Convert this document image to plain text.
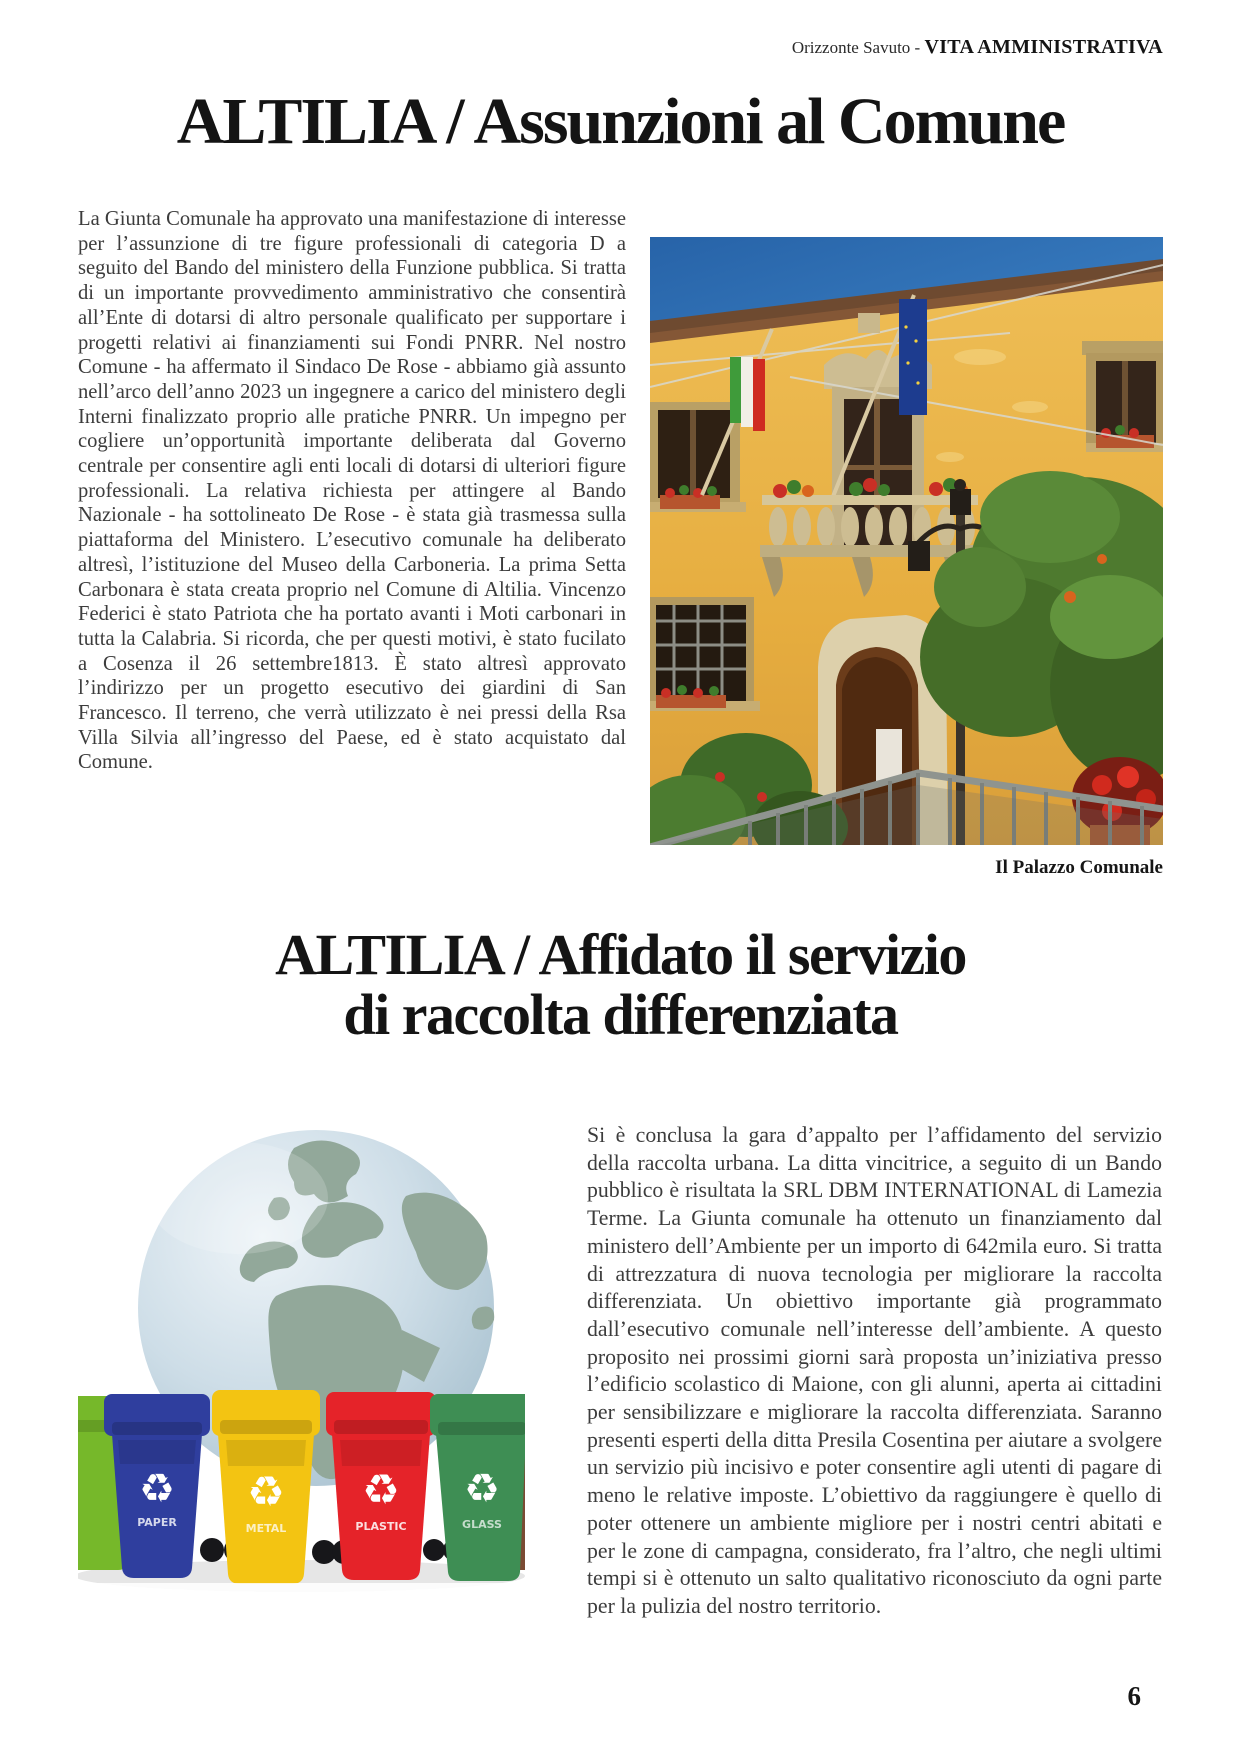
Orizzonte Savuto - VITA AMMINISTRATIVA
ALTILIA / Assunzioni al Comune
La Giunta Comunale ha approvato una manifestazione di interesse per l’assunzione di tre figure professionali di categoria D a seguito del Bando del ministero della Funzione pubblica. Si tratta di un importante provvedimento amministrativo che consentirà all’Ente di dotarsi di altro personale qualificato per supportare i progetti relativi ai finanziamenti sui Fondi PNRR. Nel nostro Comune - ha affermato il Sindaco De Rose - abbiamo già assunto nell’arco dell’anno 2023 un ingegnere a carico del ministero degli Interni finalizzato proprio alle pratiche PNRR. Un impegno per cogliere un’opportunità importante deliberata dal Governo centrale per consentire agli enti locali di dotarsi di ulteriori figure professionali. La relativa richiesta per attingere al Bando Nazionale - ha sottolineato De Rose - è stata già trasmessa sulla piattaforma del Ministero. L’esecutivo comunale ha deliberato altresì, l’istituzione del Museo della Carboneria. La prima Setta Carbonara è stata creata proprio nel Comune di Altilia. Vincenzo Federici è stato Patriota che ha portato avanti i Moti carbonari in tutta la Calabria. Si ricorda, che per questi motivi, è stato fucilato a Cosenza il 26 settembre1813. È stato altresì approvato l’indirizzo per un progetto esecutivo dei giardini di San Francesco. Il terreno, che verrà utilizzato è nei pressi della Rsa Villa Silvia all’ingresso del Paese, ed è stato acquistato dal Comune.
Il Palazzo Comunale
ALTILIA / Affidato il servizio
di raccolta differenziata
♻
PAPER
♻
METAL
♻
PLASTIC
♻
GLASS
Si è conclusa la gara d’appalto per l’affidamento del servizio della raccolta urbana. La ditta vincitrice, a seguito di un Bando pubblico è risultata la SRL DBM INTERNATIONAL di Lamezia Terme. La Giunta comunale ha ottenuto un finanziamento dal ministero dell’Ambiente per un importo di 642mila euro. Si tratta di attrezzatura di nuova tecnologia per migliorare la raccolta differenziata. Un obiettivo importante già programmato dall’esecutivo comunale nell’interesse dell’ambiente. A questo proposito nei prossimi giorni sarà proposta un’iniziativa presso l’edificio scolastico di Maione, con gli alunni, aperta ai cittadini per sensibilizzare e migliorare la raccolta differenziata. Saranno presenti esperti della ditta Presila Cosentina per aiutare a svolgere un servizio più incisivo e poter consentire agli utenti di pagare di meno le relative imposte. L’obiettivo da raggiungere è quello di poter ottenere un ambiente migliore per i nostri centri abitati e per le zone di campagna, considerato, fra l’altro, che negli ultimi tempi si è ottenuto un salto qualitativo riconosciuto da ogni parte per la pulizia del nostro territorio.
6
